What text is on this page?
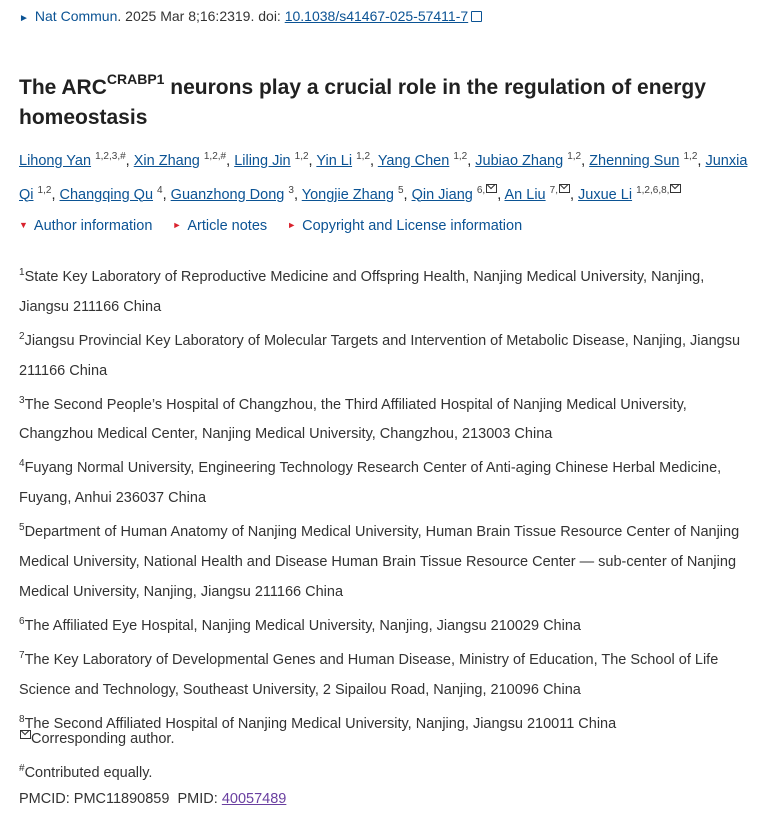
► Nat Commun. 2025 Mar 8;16:2319. doi: 10.1038/s41467-025-57411-7
The $ARC^{CRABP1}$ neurons play a crucial role in the regulation of energy homeostasis
Lihong Yan $^{1,2,3,\#}$, Xin Zhang $^{1,2,\#}$, Liling Jin $^{1,2}$, Yin Li $^{1,2}$, Yang Chen $^{1,2}$, Jubiao Zhang $^{1,2}$, Zhenning Sun $^{1,2}$, Junxia Qi $^{1,2}$, Changqing Qu $^4$, Guanzhong Dong $^3$, Yongjie Zhang $^5$, Qin Jiang $^{6,}$ , An Liu $^{7,}$ , Juxue Li $^{1,2,6,8,}$
▼ Author information ► Article notes ► Copyright and License information
$^1$State Key Laboratory of Reproductive Medicine and Offspring Health, Nanjing Medical University, Nanjing, Jiangsu 211166 China
$^2$Jiangsu Provincial Key Laboratory of Molecular Targets and Intervention of Metabolic Disease, Nanjing, Jiangsu 211166 China
$^3$The Second People’s Hospital of Changzhou, the Third Affiliated Hospital of Nanjing Medical University, Changzhou Medical Center, Nanjing Medical University, Changzhou, 213003 China
$^4$Fuyang Normal University, Engineering Technology Research Center of Anti-aging Chinese Herbal Medicine, Fuyang, Anhui 236037 China
$^5$Department of Human Anatomy of Nanjing Medical University, Human Brain Tissue Resource Center of Nanjing Medical University, National Health and Disease Human Brain Tissue Resource Center — sub-center of Nanjing Medical University, Nanjing, Jiangsu 211166 China
$^6$The Affiliated Eye Hospital, Nanjing Medical University, Nanjing, Jiangsu 210029 China
$^7$The Key Laboratory of Developmental Genes and Human Disease, Ministry of Education, The School of Life Science and Technology, Southeast University, 2 Sipailou Road, Nanjing, 210096 China
$^8$The Second Affiliated Hospital of Nanjing Medical University, Nanjing, Jiangsu 210011 China
Corresponding author.
#Contributed equally.
PMCID: PMC11890859 PMID: 40057489
